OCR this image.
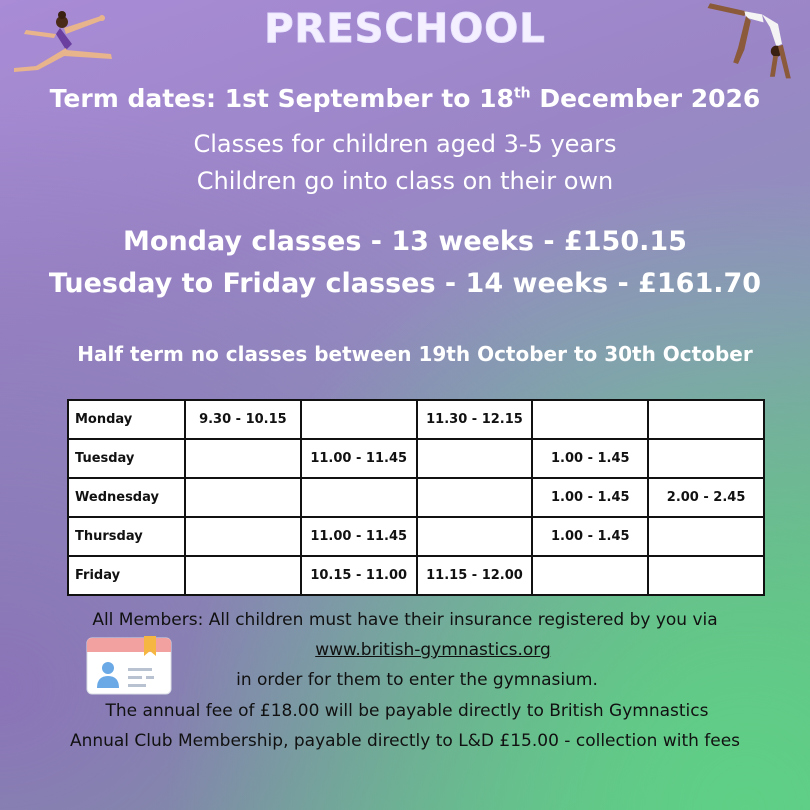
PRESCHOOL
Term dates: 1st September to 18th December 2026
Classes for children aged 3-5 years
Children go into class on their own
Monday classes - 13 weeks - £150.15
Tuesday to Friday classes - 14 weeks - £161.70
Half term no classes between 19th October to 30th October
Monday	9.30 - 10.15		11.30 - 12.15		
Tuesday		11.00 - 11.45		1.00 - 1.45	
Wednesday				1.00 - 1.45	2.00 - 2.45
Thursday		11.00 - 11.45		1.00 - 1.45	
Friday		10.15 - 11.00	11.15 - 12.00		
All Members: All children must have their insurance registered by you via
www.british-gymnastics.org
in order for them to enter the gymnasium.
The annual fee of £18.00 will be payable directly to British Gymnastics
Annual Club Membership, payable directly to L&D £15.00 - collection with fees
